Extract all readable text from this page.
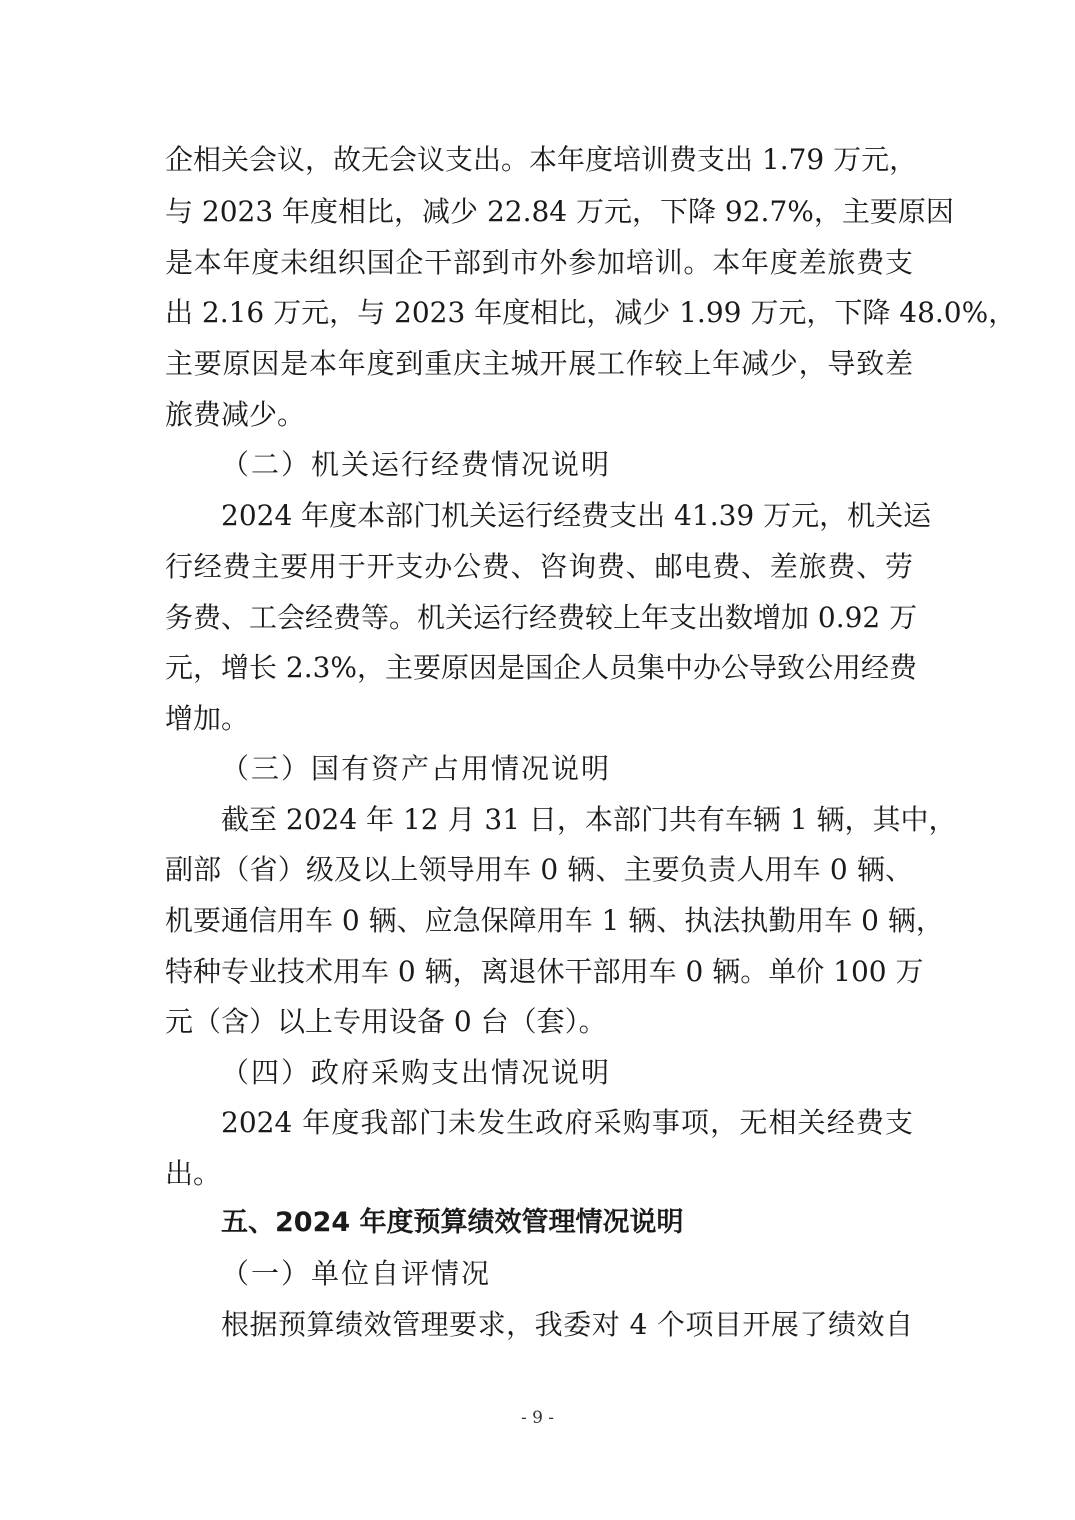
企相关会议，故无会议支出。本年度培训费支出 1.79 万元，
与 2023 年度相比，减少 22.84 万元，下降 92.7%，主要原因
是本年度未组织国企干部到市外参加培训。本年度差旅费支
出 2.16 万元，与 2023 年度相比，减少 1.99 万元，下降 48.0%，
主要原因是本年度到重庆主城开展工作较上年减少，导致差
旅费减少。
（二）机关运行经费情况说明
2024 年度本部门机关运行经费支出 41.39 万元，机关运
行经费主要用于开支办公费、咨询费、邮电费、差旅费、劳
务费、工会经费等。机关运行经费较上年支出数增加 0.92 万
元，增长 2.3%，主要原因是国企人员集中办公导致公用经费
增加。
（三）国有资产占用情况说明
截至 2024 年 12 月 31 日，本部门共有车辆 1 辆，其中，
副部（省）级及以上领导用车 0 辆、主要负责人用车 0 辆、
机要通信用车 0 辆、应急保障用车 1 辆、执法执勤用车 0 辆，
特种专业技术用车 0 辆，离退休干部用车 0 辆。单价 100 万
元（含）以上专用设备 0 台（套）。
（四）政府采购支出情况说明
2024 年度我部门未发生政府采购事项，无相关经费支
出。
五、2024 年度预算绩效管理情况说明
（一）单位自评情况
根据预算绩效管理要求，我委对 4 个项目开展了绩效自
- 9 -
